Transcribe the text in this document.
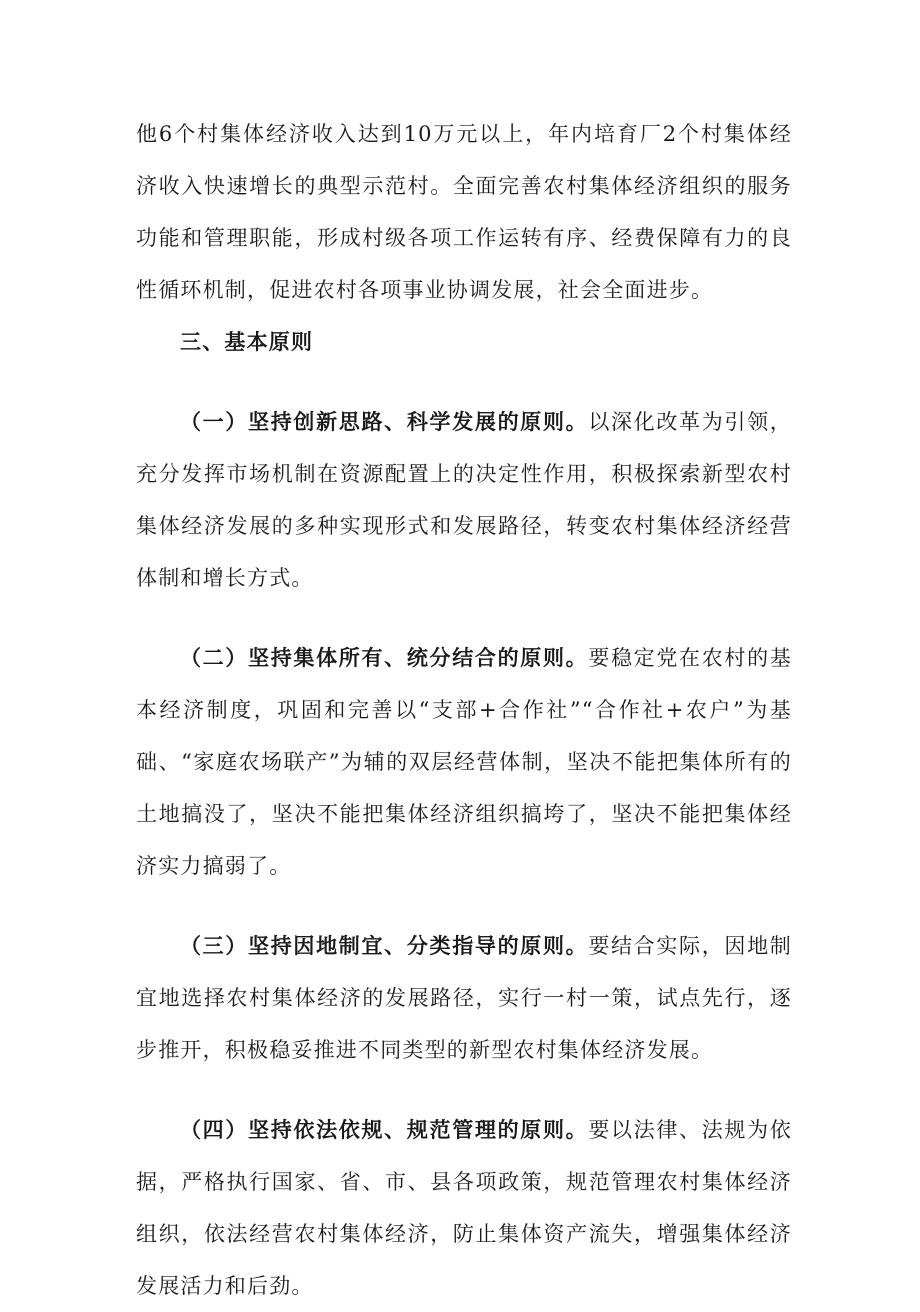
他6个村集体经济收入达到10万元以上，年内培育厂2个村集体经济收入快速增长的典型示范村。全面完善农村集体经济组织的服务功能和管理职能，形成村级各项工作运转有序、经费保障有力的良性循环机制，促进农村各项事业协调发展，社会全面进步。

三、基本原则

（一）坚持创新思路、科学发展的原则。以深化改革为引领，充分发挥市场机制在资源配置上的决定性作用，积极探索新型农村集体经济发展的多种实现形式和发展路径，转变农村集体经济经营体制和增长方式。

（二）坚持集体所有、统分结合的原则。要稳定党在农村的基本经济制度，巩固和完善以“支部+合作社”“合作社+农户”为基础、“家庭农场联产”为辅的双层经营体制，坚决不能把集体所有的土地搞没了，坚决不能把集体经济组织搞垮了，坚决不能把集体经济实力搞弱了。

（三）坚持因地制宜、分类指导的原则。要结合实际，因地制宜地选择农村集体经济的发展路径，实行一村一策，试点先行，逐步推开，积极稳妥推进不同类型的新型农村集体经济发展。

（四）坚持依法依规、规范管理的原则。要以法律、法规为依据，严格执行国家、省、市、县各项政策，规范管理农村集体经济组织，依法经营农村集体经济，防止集体资产流失，增强集体经济发展活力和后劲。
